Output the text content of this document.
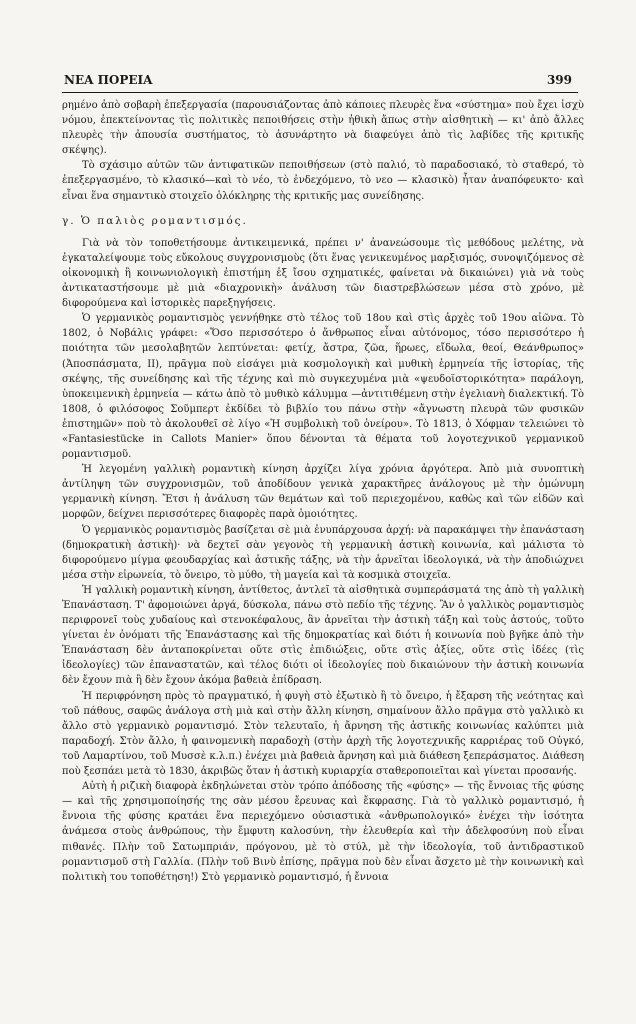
ΝΕΑ ΠΟΡΕΙΑ	399

ρημένο ἀπὸ σοβαρὴ ἐπεξεργασία (παρουσιάζοντας ἀπὸ κάποιες πλευρὲς ἕνα «σύστημα» ποὺ ἔχει ἰσχὺ νόμου, ἐπεκτείνοντας τὶς πολιτικὲς πεποιθήσεις στὴν ἠθικὴ ἄπως στὴν αἰσθητικὴ — κι' ἀπὸ ἄλλες πλευρὲς τὴν ἀπουσία συστήματος, τὸ ἀσυνάρτητο νὰ διαφεύγει ἀπὸ τὶς λαβίδες τῆς κριτικῆς σκέψης).

Τὸ σχάσιμο αὐτῶν τῶν ἀντιφατικῶν πεποιθήσεων (στὸ παλιό, τὸ παραδοσιακό, τὸ σταθερό, τὸ ἐπεξεργασμένο, τὸ κλασικό—καὶ τὸ νέο, τὸ ἐνδεχόμενο, τὸ νεο — κλασικὸ) ἦταν ἀναπόφευκτο· καὶ εἶναι ἕνα σημαντικὸ στοιχεῖο ὁλόκληρης τὴς κριτικῆς μας συνείδησης.

γ. Ὁ παλιὸς ρομαντισμός.

Γιὰ νὰ τὸν τοποθετήσουμε ἀντικειμενικά, πρέπει ν' ἀνανεώσουμε τὶς μεθόδους μελέτης, νὰ ἐγκαταλείψουμε τοὺς εὔκολους συγχρονισμοὺς (ὅτι ἕνας γενικευμένος μαρξισμός, συνοψιζόμενος σὲ οἰκονομικὴ ἢ κοινωνιολογικὴ ἐπιστήμη ἐξ ἴσου σχηματικές, φαίνεται νὰ δικαιώνει) γιὰ νὰ τοὺς ἀντικαταστήσουμε μὲ μιὰ «διαχρονικὴ» ἀνάλυση τῶν διαστρεβλώσεων μέσα στὸ χρόνο, μὲ διφορούμενα καὶ ἱστορικὲς παρεξηγήσεις.

Ὁ γερμανικὸς ρομαντισμὸς γεννήθηκε στὸ τέλος τοῦ 18ου καὶ στὶς ἀρχὲς τοῦ 19ου αἰῶνα. Τὸ 1802, ὁ Νοβάλις γράφει: «Ὅσο περισσότερο ὁ ἄνθρωπος εἶναι αὐτόνομος, τόσο περισσότερο ἡ ποιότητα τῶν μεσολαβητῶν λεπτύνεται: φετίχ, ἄστρα, ζῶα, ἥρωες, εἴδωλα, θεοί, Θεάνθρωπος» (Ἀποσπάσματα, ΙΙ), πρᾶγμα ποὺ εἰσάγει μιὰ κοσμολογικὴ καὶ μυθικὴ ἑρμηνεία τῆς ἱστορίας, τῆς σκέψης, τῆς συνείδησης καὶ τῆς τέχνης καὶ πιὸ συγκεχυμένα μιὰ «ψευδοϊστορικότητα» παράλογη, ὑποκειμενικὴ ἑρμηνεία — κάτω ἀπὸ τὸ μυθικὸ κάλυμμα —ἀντιτιθέμενη στὴν ἐγελιανὴ διαλεκτική. Τὸ 1808, ὁ φιλόσοφος Σοῦμπερτ ἐκδίδει τὸ βιβλίο του πάνω στὴν «ἄγνωστη πλευρὰ τῶν φυσικῶν ἐπιστημῶν» ποὺ τὸ ἀκολουθεῖ σὲ λίγο «Ἡ συμβολικὴ τοῦ ὀνείρου». Τὸ 1813, ὁ Χόφμαν τελειώνει τὸ «Fantasiestücke in Callots Manier» ὅπου δένονται τὰ θέματα τοῦ λογοτεχνικοῦ γερμανικοῦ ρομαντισμοῦ.

Ἡ λεγομένη γαλλικὴ ρομαντικὴ κίνηση ἀρχίζει λίγα χρόνια ἀργότερα. Ἀπὸ μιὰ συνοπτικὴ ἀντίληψη τῶν συγχρονισμῶν, τοῦ ἀποδίδουν γενικὰ χαρακτῆρες ἀνάλογους μὲ τὴν ὁμώνυμη γερμανικὴ κίνηση. Ἔτσι ἡ ἀνάλυση τῶν θεμάτων καὶ τοῦ περιεχομένου, καθὼς καὶ τῶν εἰδῶν καὶ μορφῶν, δείχνει περισσότερες διαφορὲς παρὰ ὁμοιότητες.

Ὁ γερμανικὸς ρομαντισμὸς βασίζεται σὲ μιὰ ἐνυπάρχουσα ἀρχή: νὰ παρακάμψει τὴν ἐπανάσταση (δημοκρατικὴ ἀστικὴ)· νὰ δεχτεῖ σὰν γεγονὸς τὴ γερμανικὴ ἀστικὴ κοινωνία, καὶ μάλιστα τὸ διφορούμενο μίγμα φεουδαρχίας καὶ ἀστικῆς τάξης, νὰ τὴν ἀρνεῖται ἰδεολογικά, νὰ τὴν ἀποδιώχνει μέσα στὴν εἰρωνεία, τὸ ὄνειρο, τὸ μύθο, τὴ μαγεία καὶ τὰ κοσμικὰ στοιχεῖα.

Ἡ γαλλικὴ ρομαντικὴ κίνηση, ἀντίθετος, ἀντλεῖ τὰ αἰσθητικὰ συμπεράσματά της ἀπὸ τὴ γαλλικὴ Ἐπανάσταση. Τ' ἀφομοιώνει ἀργά, δύσκολα, πάνω στὸ πεδίο τῆς τέχνης. Ἂν ὁ γαλλικὸς ρομαντισμὸς περιφρονεῖ τοὺς χυδαίους καὶ στενοκέφαλους, ἂν ἀρνεῖται τὴν ἀστικὴ τάξη καὶ τοὺς ἀστούς, τοῦτο γίνεται ἐν ὀνόματι τῆς Ἐπανάστασης καὶ τῆς δημοκρατίας καὶ διότι ἡ κοινωνία ποὺ βγῆκε ἀπὸ τὴν Ἐπανάσταση δὲν ἀνταποκρίνεται οὔτε στὶς ἐπιδιώξεις, οὔτε στὶς ἀξίες, οὔτε στὶς ἰδέες (τὶς ἰδεολογίες) τῶν ἐπαναστατῶν, καὶ τέλος διότι οἱ ἰδεολογίες ποὺ δικαιώνουν τὴν ἀστικὴ κοινωνία δὲν ἔχουν πιὰ ἢ δὲν ἔχουν ἀκόμα βαθειὰ ἐπίδραση.

Ἡ περιφρόνηση πρὸς τὸ πραγματικό, ἡ φυγὴ στὸ ἐξωτικὸ ἢ τὸ ὄνειρο, ἡ ἔξαρση τῆς νεότητας καὶ τοῦ πάθους, σαφῶς ἀνάλογα στὴ μιὰ καὶ στὴν ἄλλη κίνηση, σημαίνουν ἄλλο πρᾶγμα στὸ γαλλικὸ κι ἄλλο στὸ γερμανικὸ ρομαντισμό. Στὸν τελευταῖο, ἡ ἄρνηση τῆς ἀστικῆς κοινωνίας καλύπτει μιὰ παραδοχή. Στὸν ἄλλο, ἡ φαινομενικὴ παραδοχὴ (στὴν ἀρχὴ τῆς λογοτεχνικῆς καρριέρας τοῦ Οὐγκό, τοῦ Λαμαρτίνου, τοῦ Μυσσὲ κ.λ.π.) ἐνέχει μιὰ βαθειὰ ἄρνηση καὶ μιὰ διάθεση ξεπεράσματος. Διάθεση ποὺ ξεσπάει μετὰ τὸ 1830, ἀκριβῶς ὅταν ἡ ἀστικὴ κυριαρχία σταθεροποιεῖται καὶ γίνεται προσανής.

Αὐτὴ ἡ ριζικὴ διαφορὰ ἐκδηλώνεται στὸν τρόπο ἀπόδοσης τῆς «φύσης» — τῆς ἔννοιας τῆς φύσης — καὶ τῆς χρησιμοποίησής της σὰν μέσου ἔρευνας καὶ ἔκφρασης. Γιὰ τὸ γαλλικὸ ρομαντισμό, ἡ ἔννοια τῆς φύσης κρατάει ἕνα περιεχόμενο οὐσιαστικὰ «ἀνθρωπολογικό» ἐνέχει τὴν ἰσότητα ἀνάμεσα στοὺς ἀνθρώπους, τὴν ἔμφυτη καλοσύνη, τὴν ἐλευθερία καὶ τὴν ἀδελφοσύνη ποὺ εἶναι πιθανές. Πλὴν τοῦ Σατωμπριάν, πρόγονου, μὲ τὸ στύλ, μὲ τὴν ἰδεολογία, τοῦ ἀντιδραστικοῦ ρομαντισμοῦ στὴ Γαλλία. (Πλὴν τοῦ Βινὺ ἐπίσης, πρᾶγμα ποὺ δὲν εἶναι ἄσχετο μὲ τὴν κοινωνικὴ καὶ πολιτικὴ του τοποθέτηση!) Στὸ γερμανικὸ ρομαντισμό, ἡ ἔννοια
